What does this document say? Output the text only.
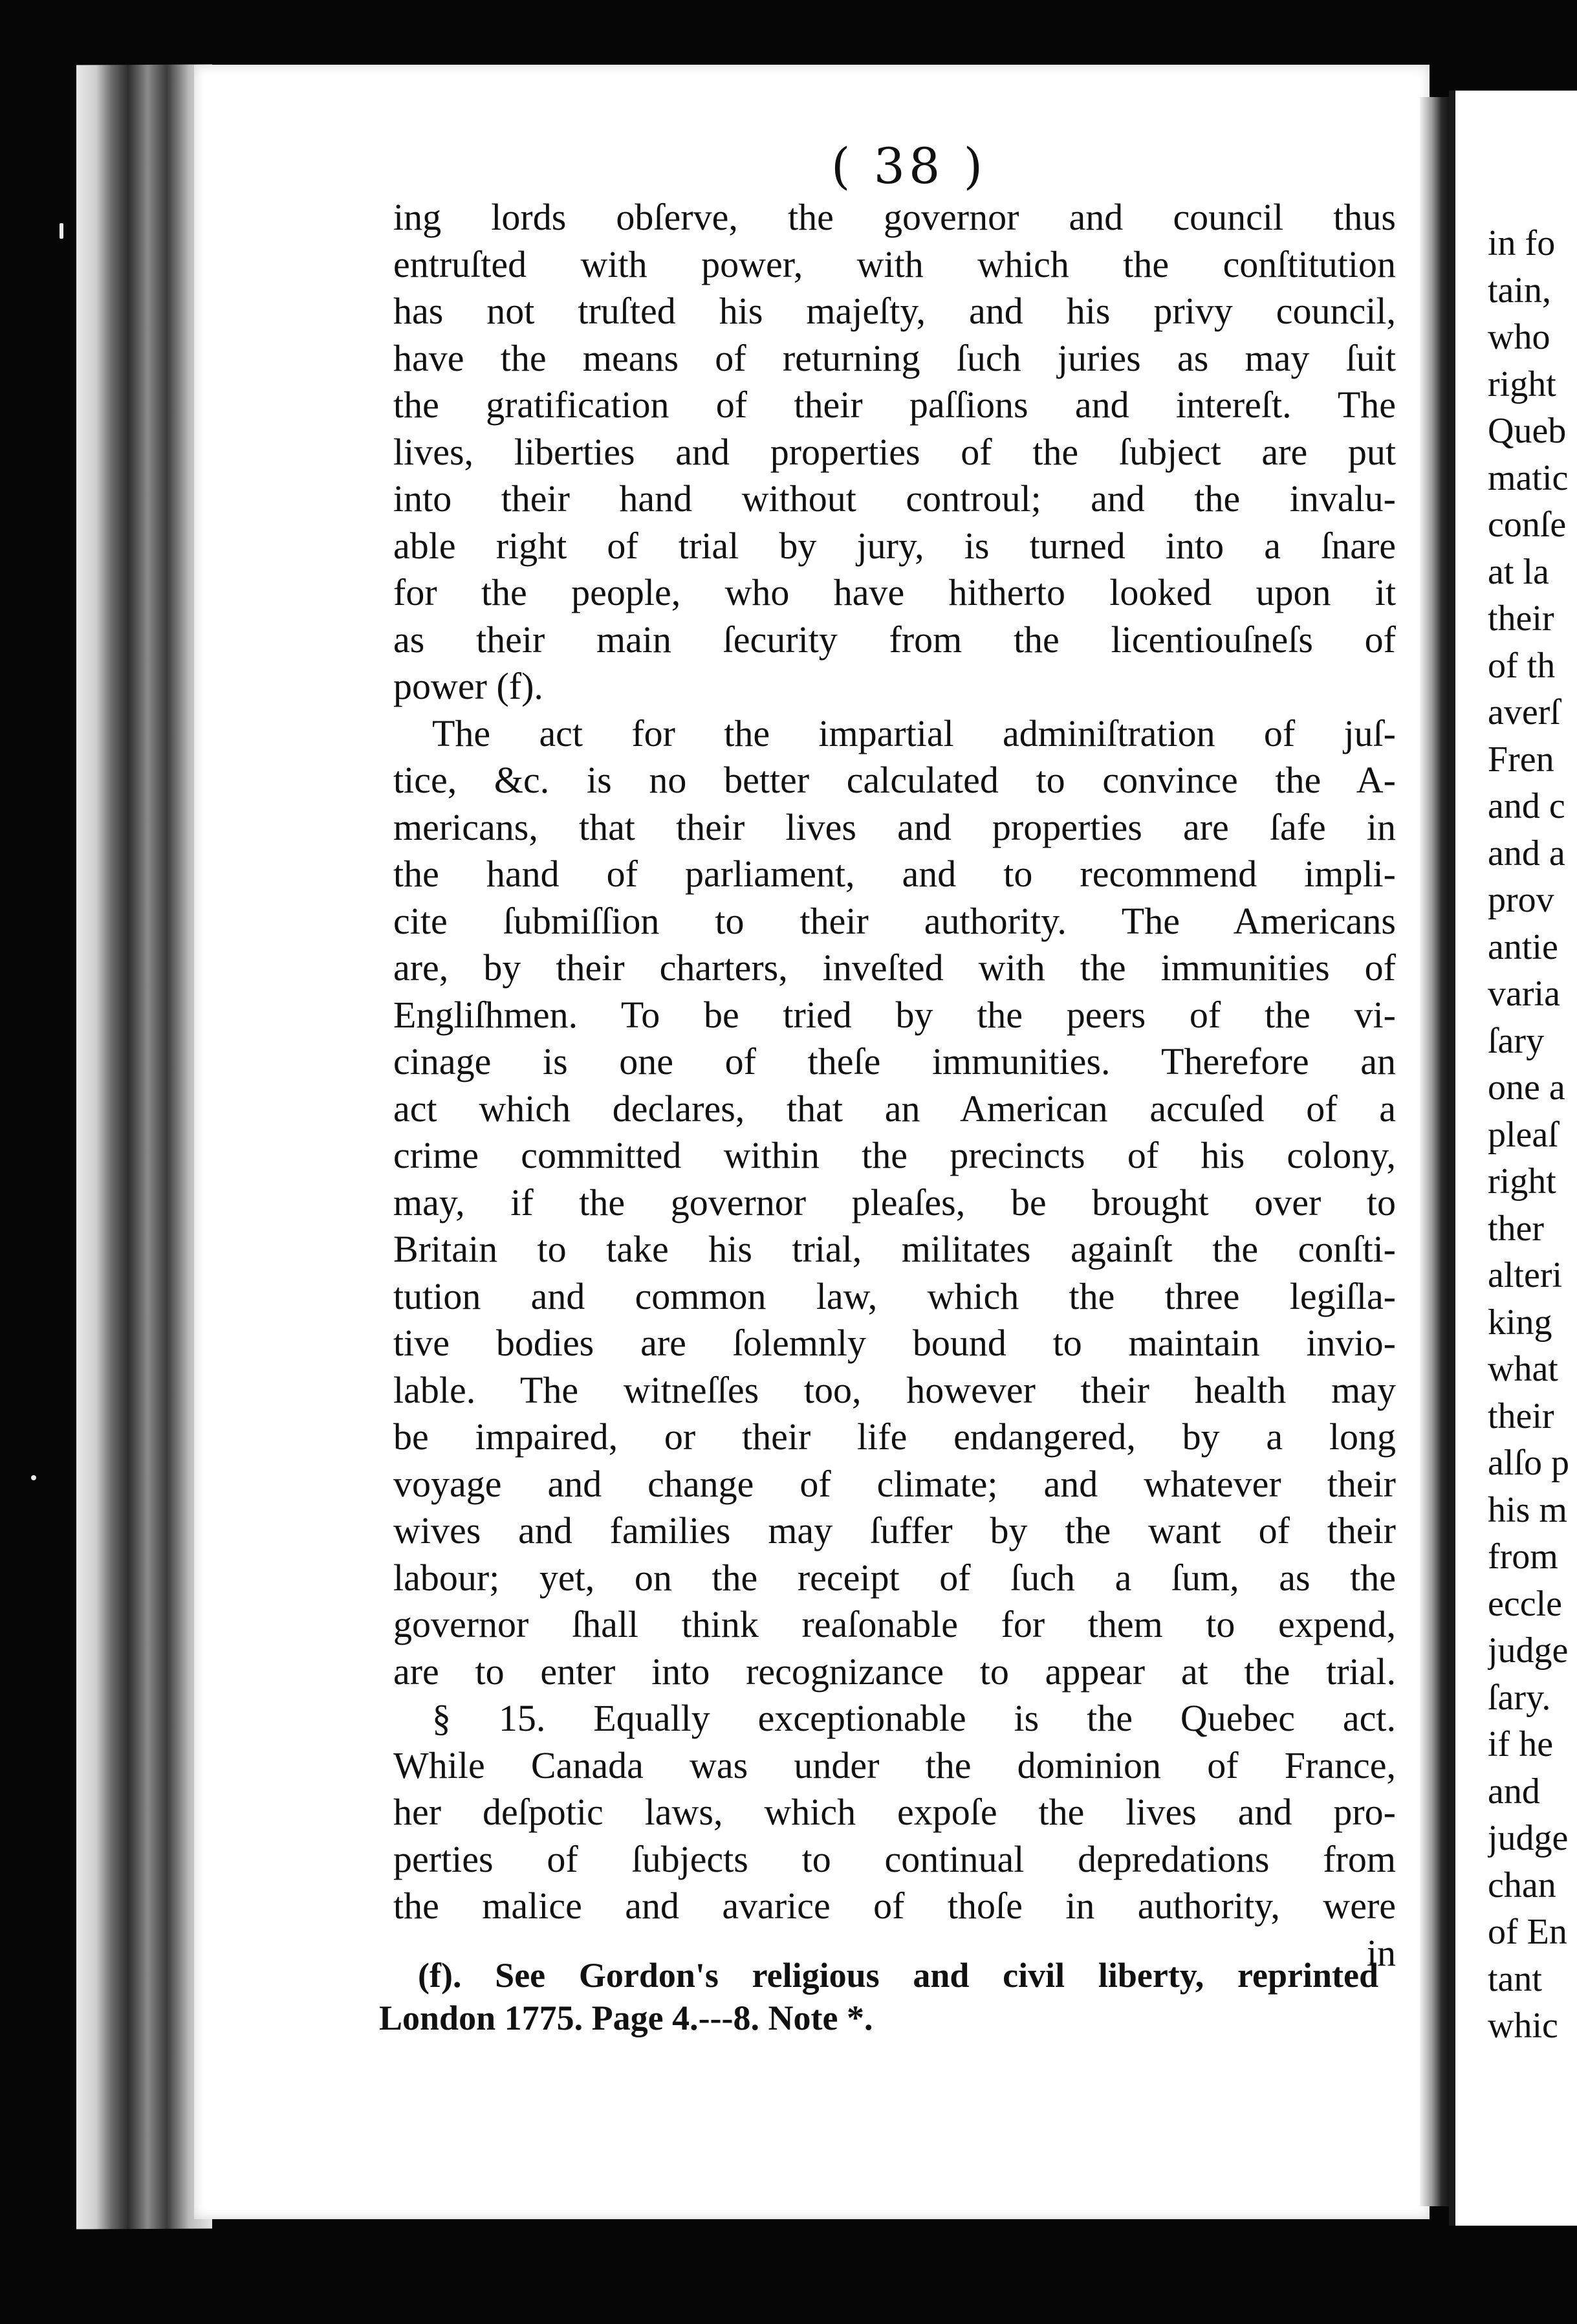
( 38 )
ing lords obſerve, the governor and council thus
entruſted with power, with which the conſtitution
has not truſted his majeſty, and his privy council,
have the means of returning ſuch juries as may ſuit
the gratification of their paſſions and intereſt. The
lives, liberties and properties of the ſubject are put
into their hand without controul; and the invalu-
able right of trial by jury, is turned into a ſnare
for the people, who have hitherto looked upon it
as their main ſecurity from the licentiouſneſs of
power (f).
The act for the impartial adminiſtration of juſ-
tice, &c. is no better calculated to convince the A-
mericans, that their lives and properties are ſafe in
the hand of parliament, and to recommend impli-
cite ſubmiſſion to their authority. The Americans
are, by their charters, inveſted with the immunities of
Engliſhmen. To be tried by the peers of the vi-
cinage is one of theſe immunities. Therefore an
act which declares, that an American accuſed of a
crime committed within the precincts of his colony,
may, if the governor pleaſes, be brought over to
Britain to take his trial, militates againſt the conſti-
tution and common law, which the three legiſla-
tive bodies are ſolemnly bound to maintain invio-
lable. The witneſſes too, however their health may
be impaired, or their life endangered, by a long
voyage and change of climate; and whatever their
wives and families may ſuffer by the want of their
labour; yet, on the receipt of ſuch a ſum, as the
governor ſhall think reaſonable for them to expend,
are to enter into recognizance to appear at the trial.
§ 15. Equally exceptionable is the Quebec act.
While Canada was under the dominion of France,
her deſpotic laws, which expoſe the lives and pro-
perties of ſubjects to continual depredations from
the malice and avarice of thoſe in authority, were
in
(f). See Gordon's religious and civil liberty, reprinted
London 1775. Page 4.---8. Note *.
in fo
tain,
who
right
Queb
matic
conſe
at la
their
of th
averſ
Fren
and c
and a
prov
antie
varia
ſary
one a
pleaſ
right
ther
alteri
king
what
their
alſo p
his m
from
eccle
judge
ſary.
if he
and
judge
chan
of En
tant
whic
